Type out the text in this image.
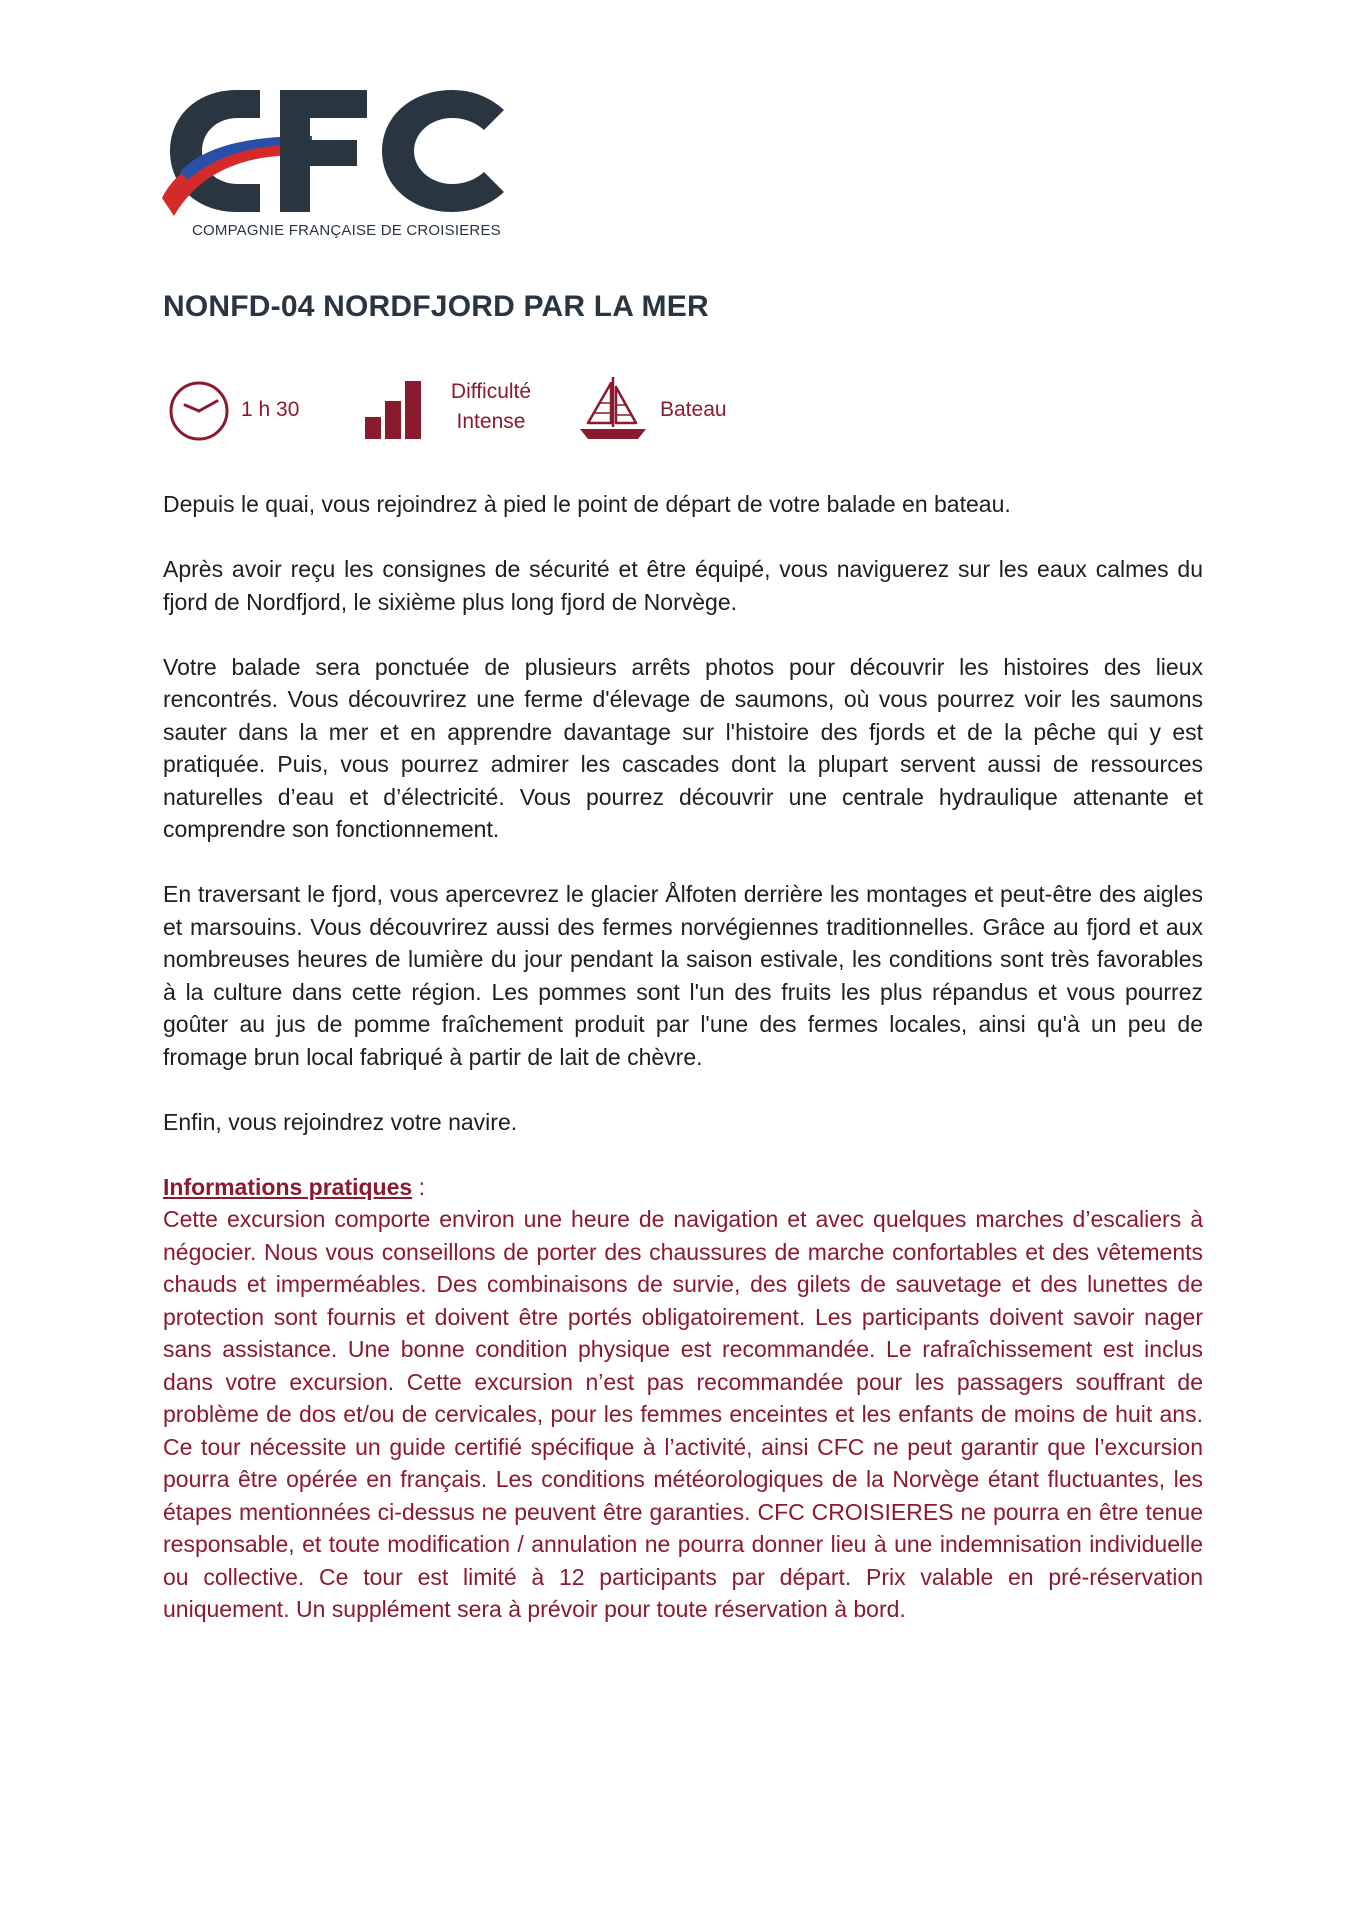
COMPAGNIE FRANÇAISE DE CROISIERES
NONFD-04 NORDFJORD PAR LA MER
1 h 30
Difficulté
Intense
Bateau

Depuis le quai, vous rejoindrez à pied le point de départ de votre balade en bateau.

Après avoir reçu les consignes de sécurité et être équipé, vous naviguerez sur les eaux calmes du fjord de Nordfjord, le sixième plus long fjord de Norvège.

Votre balade sera ponctuée de plusieurs arrêts photos pour découvrir les histoires des lieux rencontrés. Vous découvrirez une ferme d'élevage de saumons, où vous pourrez voir les saumons sauter dans la mer et en apprendre davantage sur l'histoire des fjords et de la pêche qui y est pratiquée. Puis, vous pourrez admirer les cascades dont la plupart servent aussi de ressources naturelles d’eau et d’électricité. Vous pourrez découvrir une centrale hydraulique attenante et comprendre son fonctionnement.

En traversant le fjord, vous apercevrez le glacier Ålfoten derrière les montages et peut-être des aigles et marsouins. Vous découvrirez aussi des fermes norvégiennes traditionnelles. Grâce au fjord et aux nombreuses heures de lumière du jour pendant la saison estivale, les conditions sont très favorables à la culture dans cette région. Les pommes sont l'un des fruits les plus répandus et vous pourrez goûter au jus de pomme fraîchement produit par l'une des fermes locales, ainsi qu'à un peu de fromage brun local fabriqué à partir de lait de chèvre.

Enfin, vous rejoindrez votre navire.

Informations pratiques :

Cette excursion comporte environ une heure de navigation et avec quelques marches d’escaliers à négocier. Nous vous conseillons de porter des chaussures de marche confortables et des vêtements chauds et imperméables. Des combinaisons de survie, des gilets de sauvetage et des lunettes de protection sont fournis et doivent être portés obligatoirement. Les participants doivent savoir nager sans assistance. Une bonne condition physique est recommandée. Le rafraîchissement est inclus dans votre excursion. Cette excursion n’est pas recommandée pour les passagers souffrant de problème de dos et/ou de cervicales, pour les femmes enceintes et les enfants de moins de huit ans. Ce tour nécessite un guide certifié spécifique à l’activité, ainsi CFC ne peut garantir que l’excursion pourra être opérée en français. Les conditions météorologiques de la Norvège étant fluctuantes, les étapes mentionnées ci-dessus ne peuvent être garanties. CFC CROISIERES ne pourra en être tenue responsable, et toute modification / annulation ne pourra donner lieu à une indemnisation individuelle ou collective. Ce tour est limité à 12 participants par départ. Prix valable en pré-réservation uniquement. Un supplément sera à prévoir pour toute réservation à bord.
